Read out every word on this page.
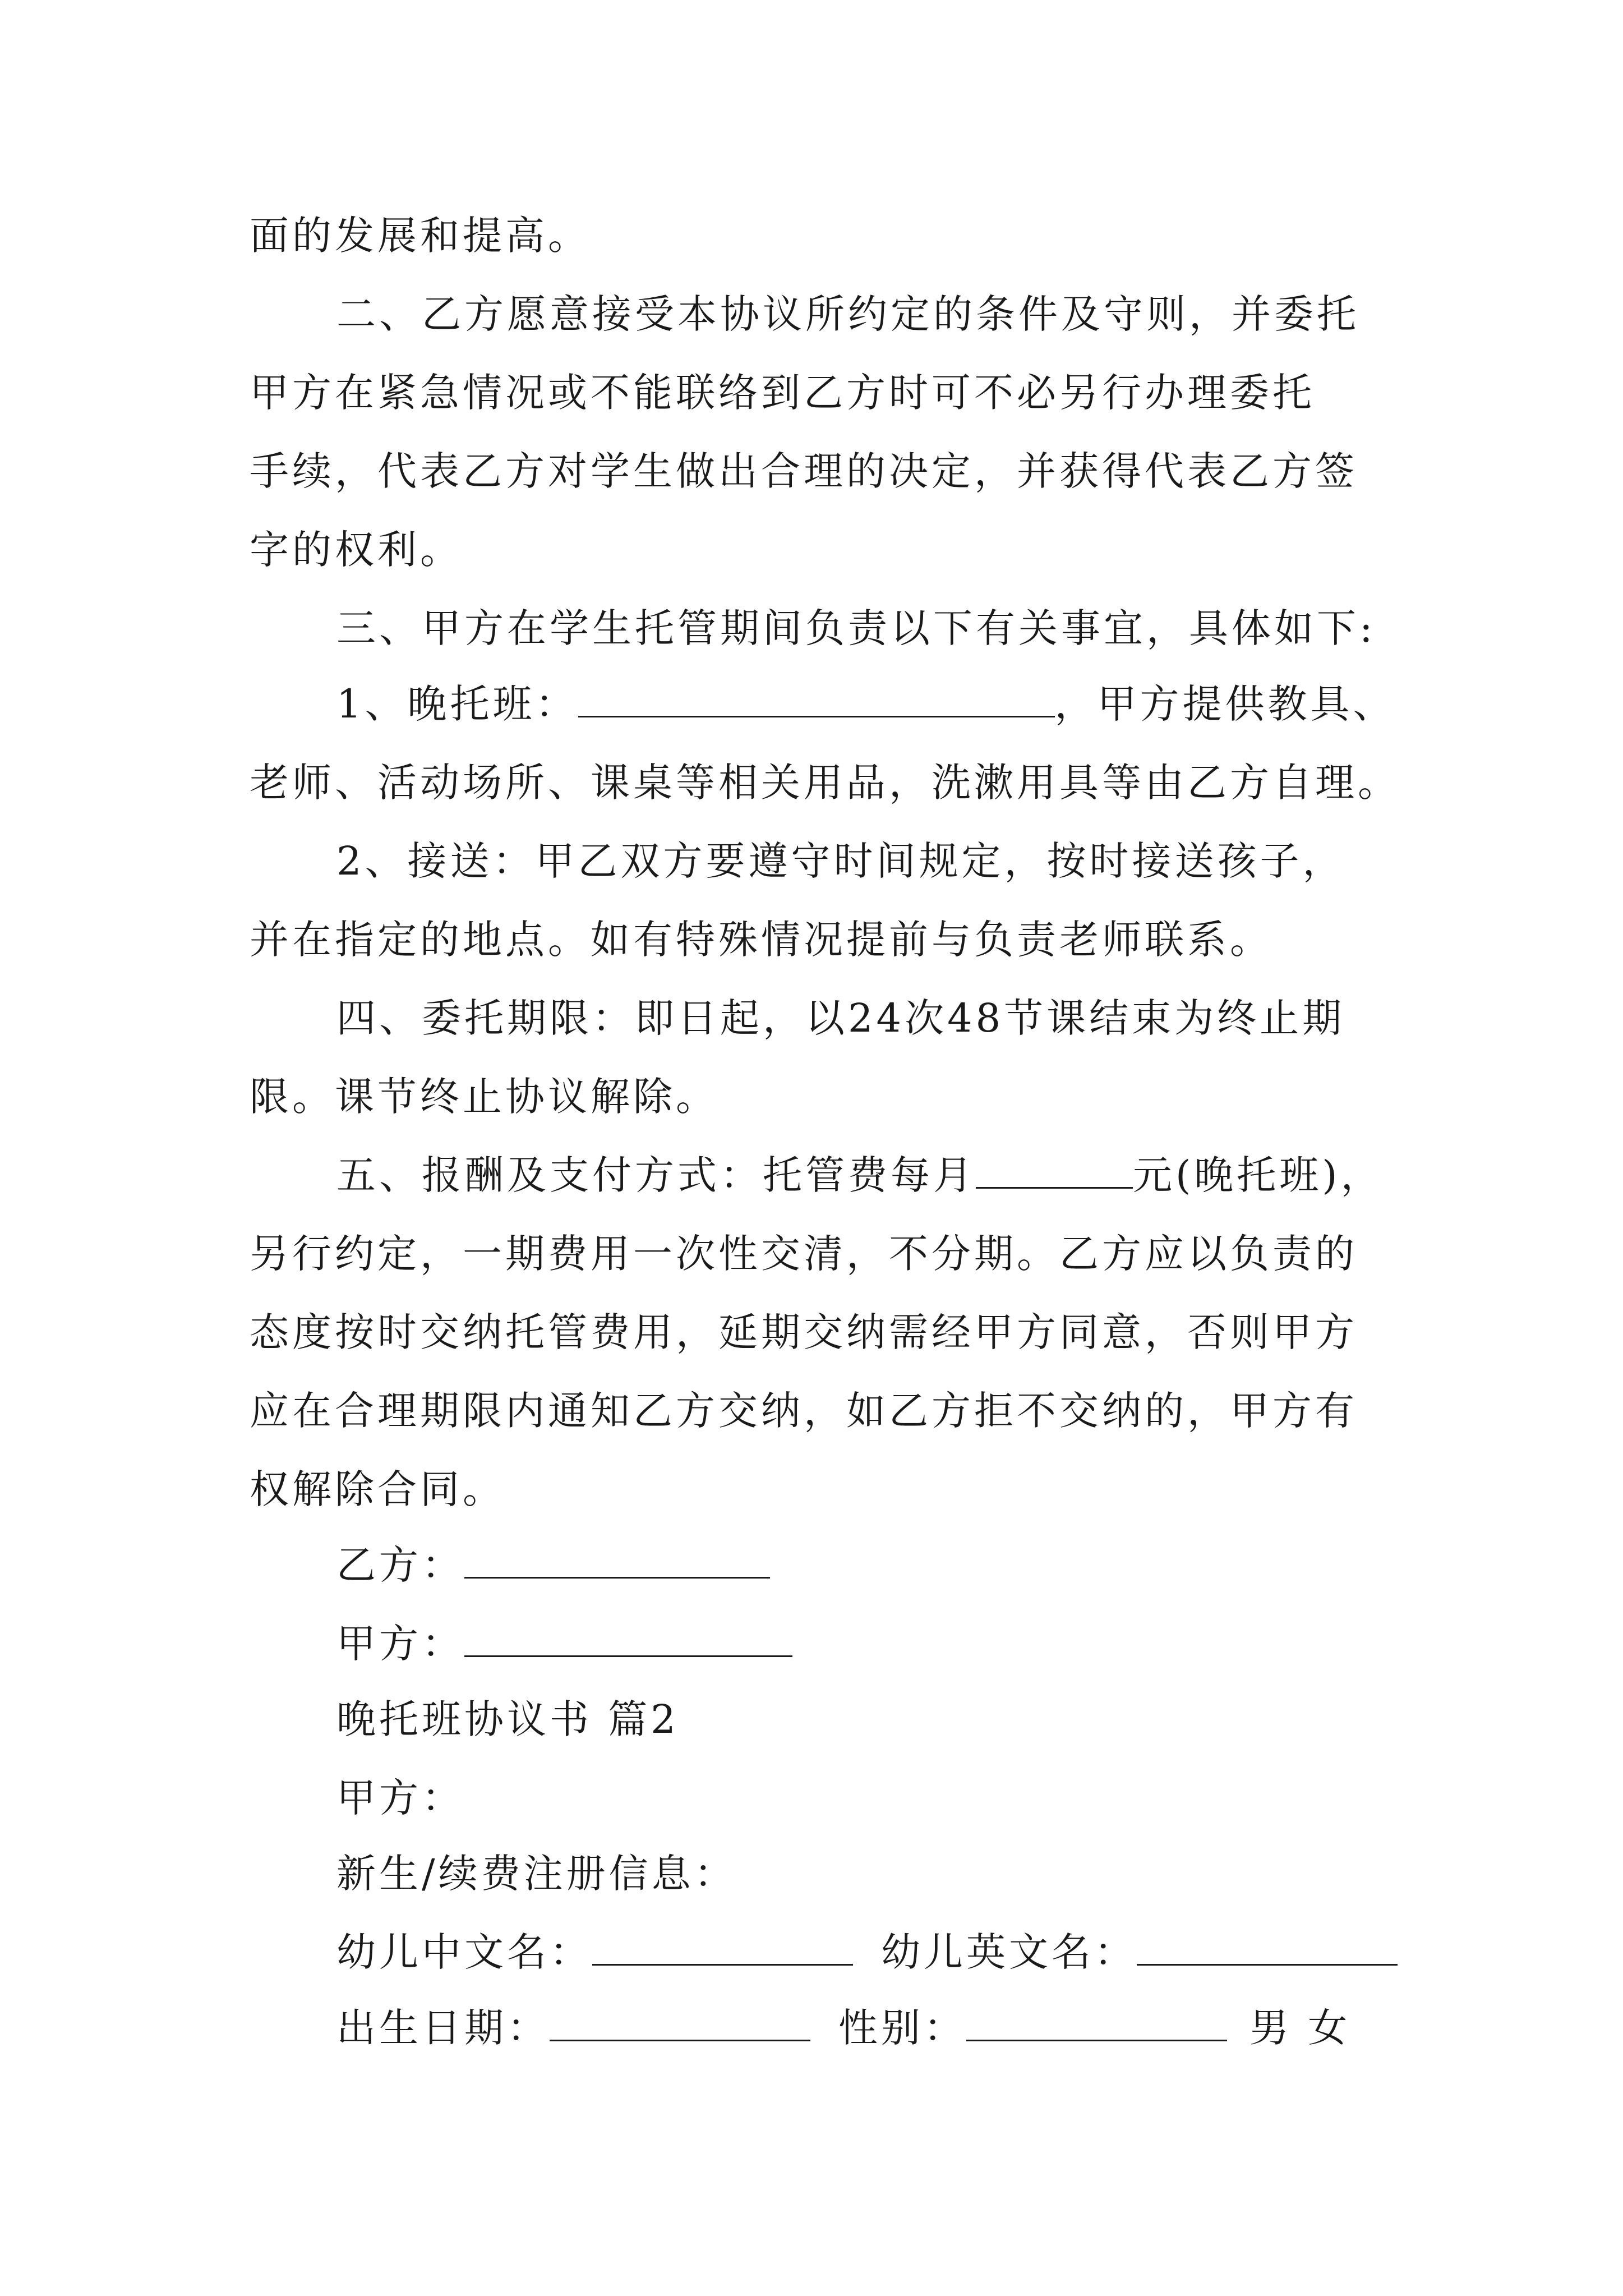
面的发展和提高。
二、乙方愿意接受本协议所约定的条件及守则，并委托
甲方在紧急情况或不能联络到乙方时可不必另行办理委托
手续，代表乙方对学生做出合理的决定，并获得代表乙方签
字的权利。
三、甲方在学生托管期间负责以下有关事宜，具体如下:
1、晚托班：	，甲方提供教具、
老师、活动场所、课桌等相关用品，洗漱用具等由乙方自理。
2、接送：甲乙双方要遵守时间规定，按时接送孩子，
并在指定的地点。如有特殊情况提前与负责老师联系。
四、委托期限：即日起，以24次48节课结束为终止期
限。课节终止协议解除。
五、报酬及支付方式：托管费每月	元(晚托班)，
另行约定，一期费用一次性交清，不分期。乙方应以负责的
态度按时交纳托管费用，延期交纳需经甲方同意，否则甲方
应在合理期限内通知乙方交纳，如乙方拒不交纳的，甲方有
权解除合同。
乙方：
甲方：
晚托班协议书 篇2
甲方：
新生/续费注册信息：
幼儿中文名：	幼儿英文名：
出生日期：	性别：	男 女
